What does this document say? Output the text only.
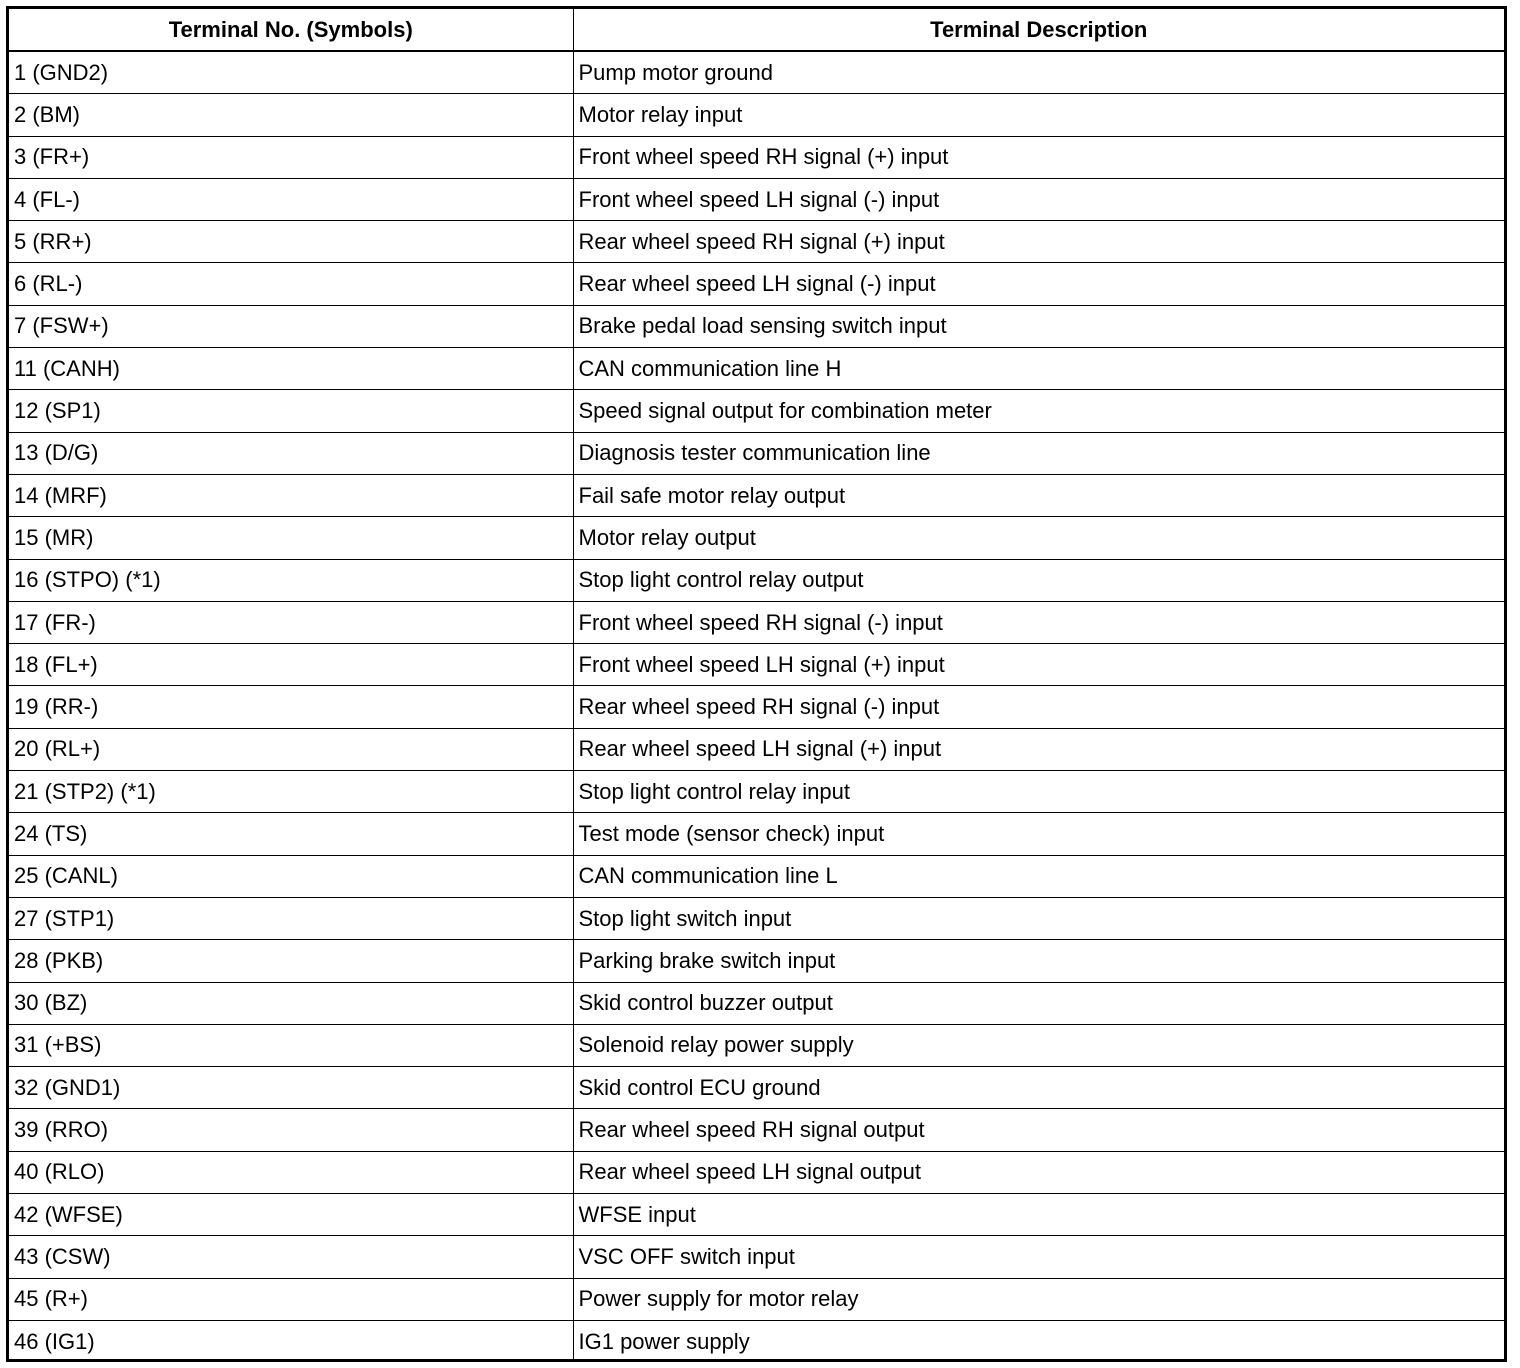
Terminal No. (Symbols)	Terminal Description
1 (GND2)	Pump motor ground
2 (BM)	Motor relay input
3 (FR+)	Front wheel speed RH signal (+) input
4 (FL-)	Front wheel speed LH signal (-) input
5 (RR+)	Rear wheel speed RH signal (+) input
6 (RL-)	Rear wheel speed LH signal (-) input
7 (FSW+)	Brake pedal load sensing switch input
11 (CANH)	CAN communication line H
12 (SP1)	Speed signal output for combination meter
13 (D/G)	Diagnosis tester communication line
14 (MRF)	Fail safe motor relay output
15 (MR)	Motor relay output
16 (STPO) (*1)	Stop light control relay output
17 (FR-)	Front wheel speed RH signal (-) input
18 (FL+)	Front wheel speed LH signal (+) input
19 (RR-)	Rear wheel speed RH signal (-) input
20 (RL+)	Rear wheel speed LH signal (+) input
21 (STP2) (*1)	Stop light control relay input
24 (TS)	Test mode (sensor check) input
25 (CANL)	CAN communication line L
27 (STP1)	Stop light switch input
28 (PKB)	Parking brake switch input
30 (BZ)	Skid control buzzer output
31 (+BS)	Solenoid relay power supply
32 (GND1)	Skid control ECU ground
39 (RRO)	Rear wheel speed RH signal output
40 (RLO)	Rear wheel speed LH signal output
42 (WFSE)	WFSE input
43 (CSW)	VSC OFF switch input
45 (R+)	Power supply for motor relay
46 (IG1)	IG1 power supply
